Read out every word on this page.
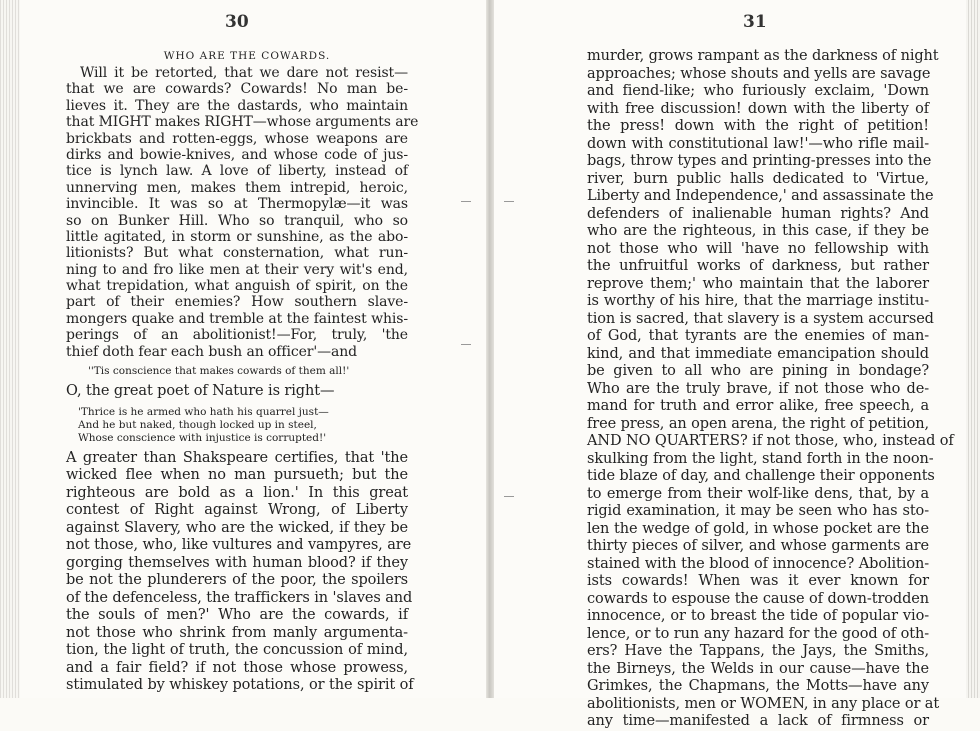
30
WHO ARE THE COWARDS.
Will it be retorted, that we dare not resist—
that we are cowards? Cowards! No man be-
lieves it. They are the dastards, who maintain
that MIGHT makes RIGHT—whose arguments are
brickbats and rotten-eggs, whose weapons are
dirks and bowie-knives, and whose code of jus-
tice is lynch law. A love of liberty, instead of
unnerving men, makes them intrepid, heroic,
invincible. It was so at Thermopylæ—it was
so on Bunker Hill. Who so tranquil, who so
little agitated, in storm or sunshine, as the abo-
litionists? But what consternation, what run-
ning to and fro like men at their very wit's end,
what trepidation, what anguish of spirit, on the
part of their enemies? How southern slave-
mongers quake and tremble at the faintest whis-
perings of an abolitionist!—For, truly, 'the
thief doth fear each bush an officer'—and
''Tis conscience that makes cowards of them all!'
O, the great poet of Nature is right—
'Thrice is he armed who hath his quarrel just—
And he but naked, though locked up in steel,
Whose conscience with injustice is corrupted!'
A greater than Shakspeare certifies, that 'the
wicked flee when no man pursueth; but the
righteous are bold as a lion.' In this great
contest of Right against Wrong, of Liberty
against Slavery, who are the wicked, if they be
not those, who, like vultures and vampyres, are
gorging themselves with human blood? if they
be not the plunderers of the poor, the spoilers
of the defenceless, the traffickers in 'slaves and
the souls of men?' Who are the cowards, if
not those who shrink from manly argumenta-
tion, the light of truth, the concussion of mind,
and a fair field? if not those whose prowess,
stimulated by whiskey potations, or the spirit of
31
murder, grows rampant as the darkness of night
approaches; whose shouts and yells are savage
and fiend-like; who furiously exclaim, 'Down
with free discussion! down with the liberty of
the press! down with the right of petition!
down with constitutional law!'—who rifle mail-
bags, throw types and printing-presses into the
river, burn public halls dedicated to 'Virtue,
Liberty and Independence,' and assassinate the
defenders of inalienable human rights? And
who are the righteous, in this case, if they be
not those who will 'have no fellowship with
the unfruitful works of darkness, but rather
reprove them;' who maintain that the laborer
is worthy of his hire, that the marriage institu-
tion is sacred, that slavery is a system accursed
of God, that tyrants are the enemies of man-
kind, and that immediate emancipation should
be given to all who are pining in bondage?
Who are the truly brave, if not those who de-
mand for truth and error alike, free speech, a
free press, an open arena, the right of petition,
AND NO QUARTERS? if not those, who, instead of
skulking from the light, stand forth in the noon-
tide blaze of day, and challenge their opponents
to emerge from their wolf-like dens, that, by a
rigid examination, it may be seen who has sto-
len the wedge of gold, in whose pocket are the
thirty pieces of silver, and whose garments are
stained with the blood of innocence? Abolition-
ists cowards! When was it ever known for
cowards to espouse the cause of down-trodden
innocence, or to breast the tide of popular vio-
lence, or to run any hazard for the good of oth-
ers? Have the Tappans, the Jays, the Smiths,
the Birneys, the Welds in our cause—have the
Grimkes, the Chapmans, the Motts—have any
abolitionists, men or WOMEN, in any place or at
any time—manifested a lack of firmness or
